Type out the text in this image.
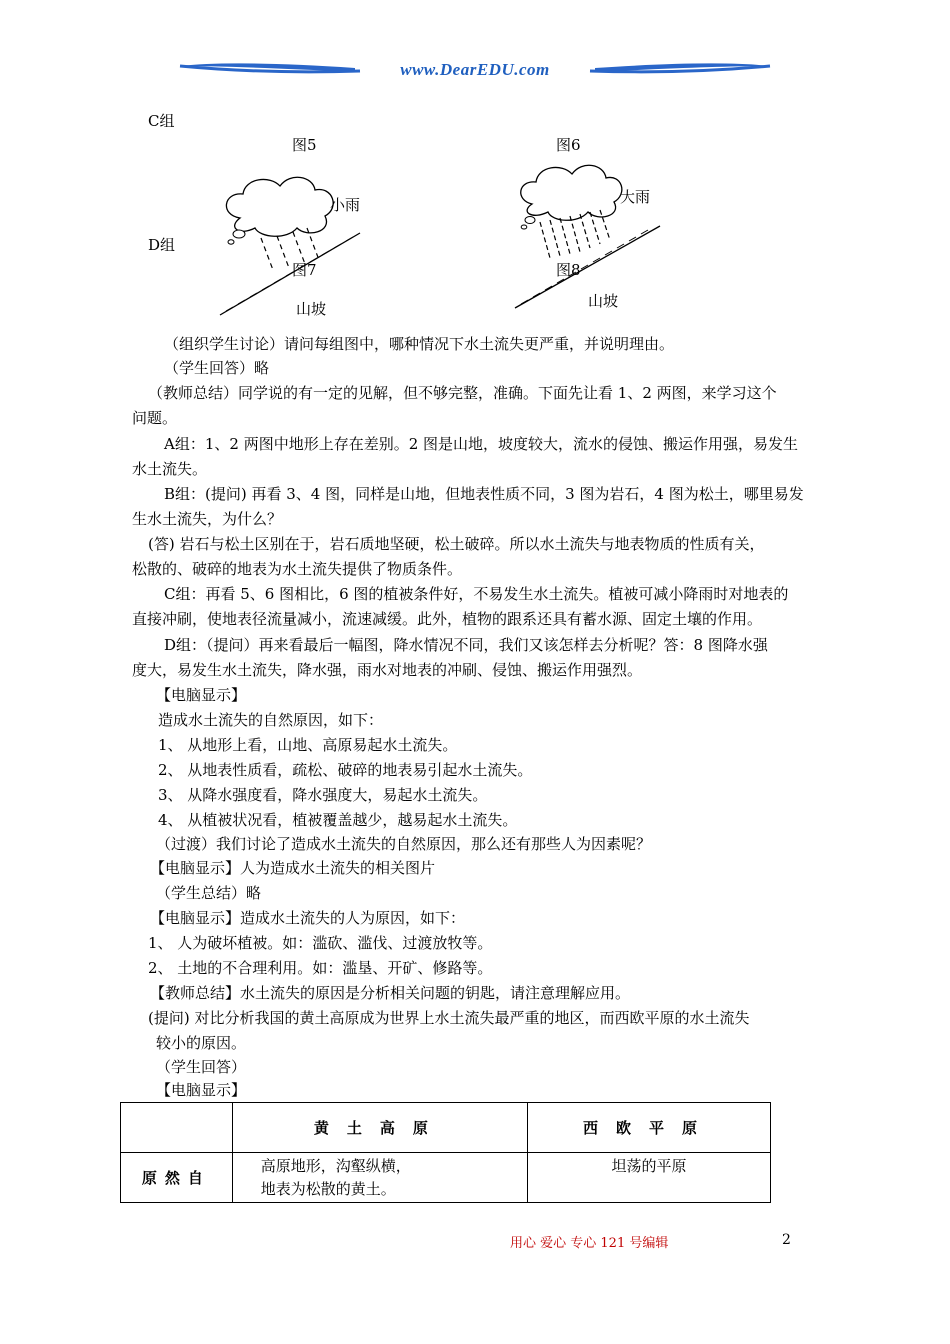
www.DearEDU.com
C组
D组
图5	图6
小雨
图7
山坡
大雨
图8
山坡
（组织学生讨论）请问每组图中，哪种情况下水土流失更严重，并说明理由。
（学生回答）略
（教师总结）同学说的有一定的见解，但不够完整，准确。下面先让看 1、2 两图，来学习这个
问题。
A组：1、2 两图中地形上存在差别。2 图是山地，坡度较大，流水的侵蚀、搬运作用强，易发生
水土流失。
B组：(提问) 再看 3、4 图，同样是山地，但地表性质不同，3 图为岩石，4 图为松土，哪里易发
生水土流失，为什么？
(答) 岩石与松土区别在于，岩石质地坚硬，松土破碎。所以水土流失与地表物质的性质有关，
松散的、破碎的地表为水土流失提供了物质条件。
C组：再看 5、6 图相比，6 图的植被条件好，不易发生水土流失。植被可减小降雨时对地表的
直接冲刷，使地表径流量减小，流速减缓。此外，植物的跟系还具有蓄水源、固定土壤的作用。
D组：（提问）再来看最后一幅图，降水情况不同，我们又该怎样去分析呢？答：8 图降水强
度大，易发生水土流失，降水强，雨水对地表的冲刷、侵蚀、搬运作用强烈。
【电脑显示】
造成水土流失的自然原因，如下：
1、 从地形上看，山地、高原易起水土流失。
2、 从地表性质看，疏松、破碎的地表易引起水土流失。
3、 从降水强度看，降水强度大，易起水土流失。
4、 从植被状况看，植被覆盖越少，越易起水土流失。
（过渡）我们讨论了造成水土流失的自然原因，那么还有那些人为因素呢？
【电脑显示】人为造成水土流失的相关图片
（学生总结）略
【电脑显示】造成水土流失的人为原因，如下：
1、 人为破坏植被。如：滥砍、滥伐、过渡放牧等。
2、 土地的不合理利用。如：滥垦、开矿、修路等。
【教师总结】水土流失的原因是分析相关问题的钥匙，请注意理解应用。
(提问) 对比分析我国的黄土高原成为世界上水土流失最严重的地区，而西欧平原的水土流失
较小的原因。
（学生回答）
【电脑显示】
	黄土高原	西欧平原
原然自	高原地形，沟壑纵横，
地表为松散的黄土。	坦荡的平原
用心 爱心 专心 121 号编辑	2
